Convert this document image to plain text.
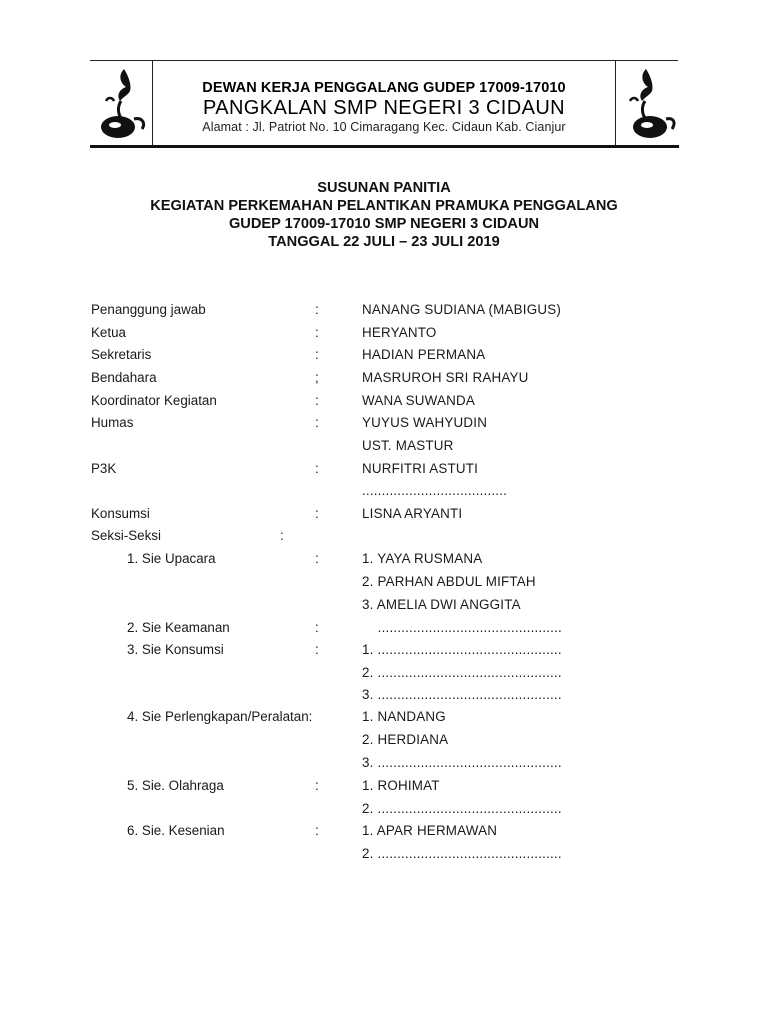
DEWAN KERJA PENGGALANG GUDEP 17009-17010
PANGKALAN SMP NEGERI 3 CIDAUN
Alamat : Jl. Patriot No. 10 Cimaragang Kec. Cidaun Kab. Cianjur
SUSUNAN PANITIA
KEGIATAN PERKEMAHAN PELANTIKAN PRAMUKA PENGGALANG
GUDEP 17009-17010 SMP NEGERI 3 CIDAUN
TANGGAL 22 JULI – 23 JULI 2019
Penanggung jawab	:	NANANG SUDIANA (MABIGUS)
Ketua	:	HERYANTO
Sekretaris	:	HADIAN PERMANA
Bendahara	;	MASRUROH SRI RAHAYU
Koordinator Kegiatan	:	WANA SUWANDA
Humas	:	YUYUS WAHYUDIN
UST. MASTUR
P3K	:	NURFITRI ASTUTI
.....................................
Konsumsi	:	LISNA ARYANTI
Seksi-Seksi	:
1. Sie Upacara	:	1. YAYA RUSMANA
2. PARHAN ABDUL MIFTAH
3. AMELIA DWI ANGGITA
2. Sie Keamanan	:	...............................................
3. Sie Konsumsi	:	1. ...............................................
2. ...............................................
3. ...............................................
4. Sie Perlengkapan/Peralatan:	1. NANDANG
2. HERDIANA
3. ...............................................
5. Sie. Olahraga	:	1. ROHIMAT
2. ...............................................
6. Sie. Kesenian	:	1. APAR HERMAWAN
2. ...............................................
